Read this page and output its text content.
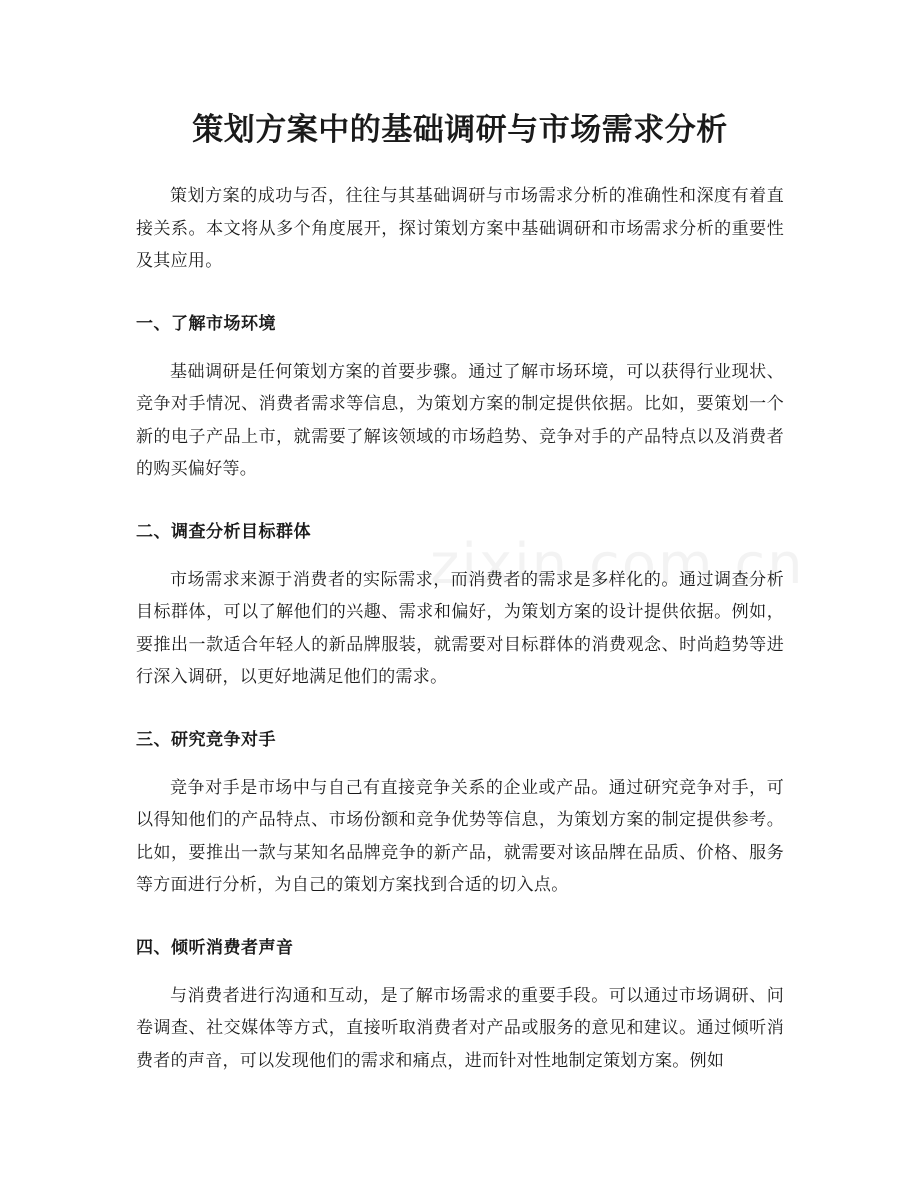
策划方案中的基础调研与市场需求分析

策划方案的成功与否，往往与其基础调研与市场需求分析的准确性和深度有着直接关系。本文将从多个角度展开，探讨策划方案中基础调研和市场需求分析的重要性及其应用。

一、了解市场环境

基础调研是任何策划方案的首要步骤。通过了解市场环境，可以获得行业现状、竞争对手情况、消费者需求等信息，为策划方案的制定提供依据。比如，要策划一个新的电子产品上市，就需要了解该领域的市场趋势、竞争对手的产品特点以及消费者的购买偏好等。

二、调查分析目标群体

市场需求来源于消费者的实际需求，而消费者的需求是多样化的。通过调查分析目标群体，可以了解他们的兴趣、需求和偏好，为策划方案的设计提供依据。例如，要推出一款适合年轻人的新品牌服装，就需要对目标群体的消费观念、时尚趋势等进行深入调研，以更好地满足他们的需求。

三、研究竞争对手

竞争对手是市场中与自己有直接竞争关系的企业或产品。通过研究竞争对手，可以得知他们的产品特点、市场份额和竞争优势等信息，为策划方案的制定提供参考。比如，要推出一款与某知名品牌竞争的新产品，就需要对该品牌在品质、价格、服务等方面进行分析，为自己的策划方案找到合适的切入点。

四、倾听消费者声音

与消费者进行沟通和互动，是了解市场需求的重要手段。可以通过市场调研、问卷调查、社交媒体等方式，直接听取消费者对产品或服务的意见和建议。通过倾听消费者的声音，可以发现他们的需求和痛点，进而针对性地制定策划方案。例如
